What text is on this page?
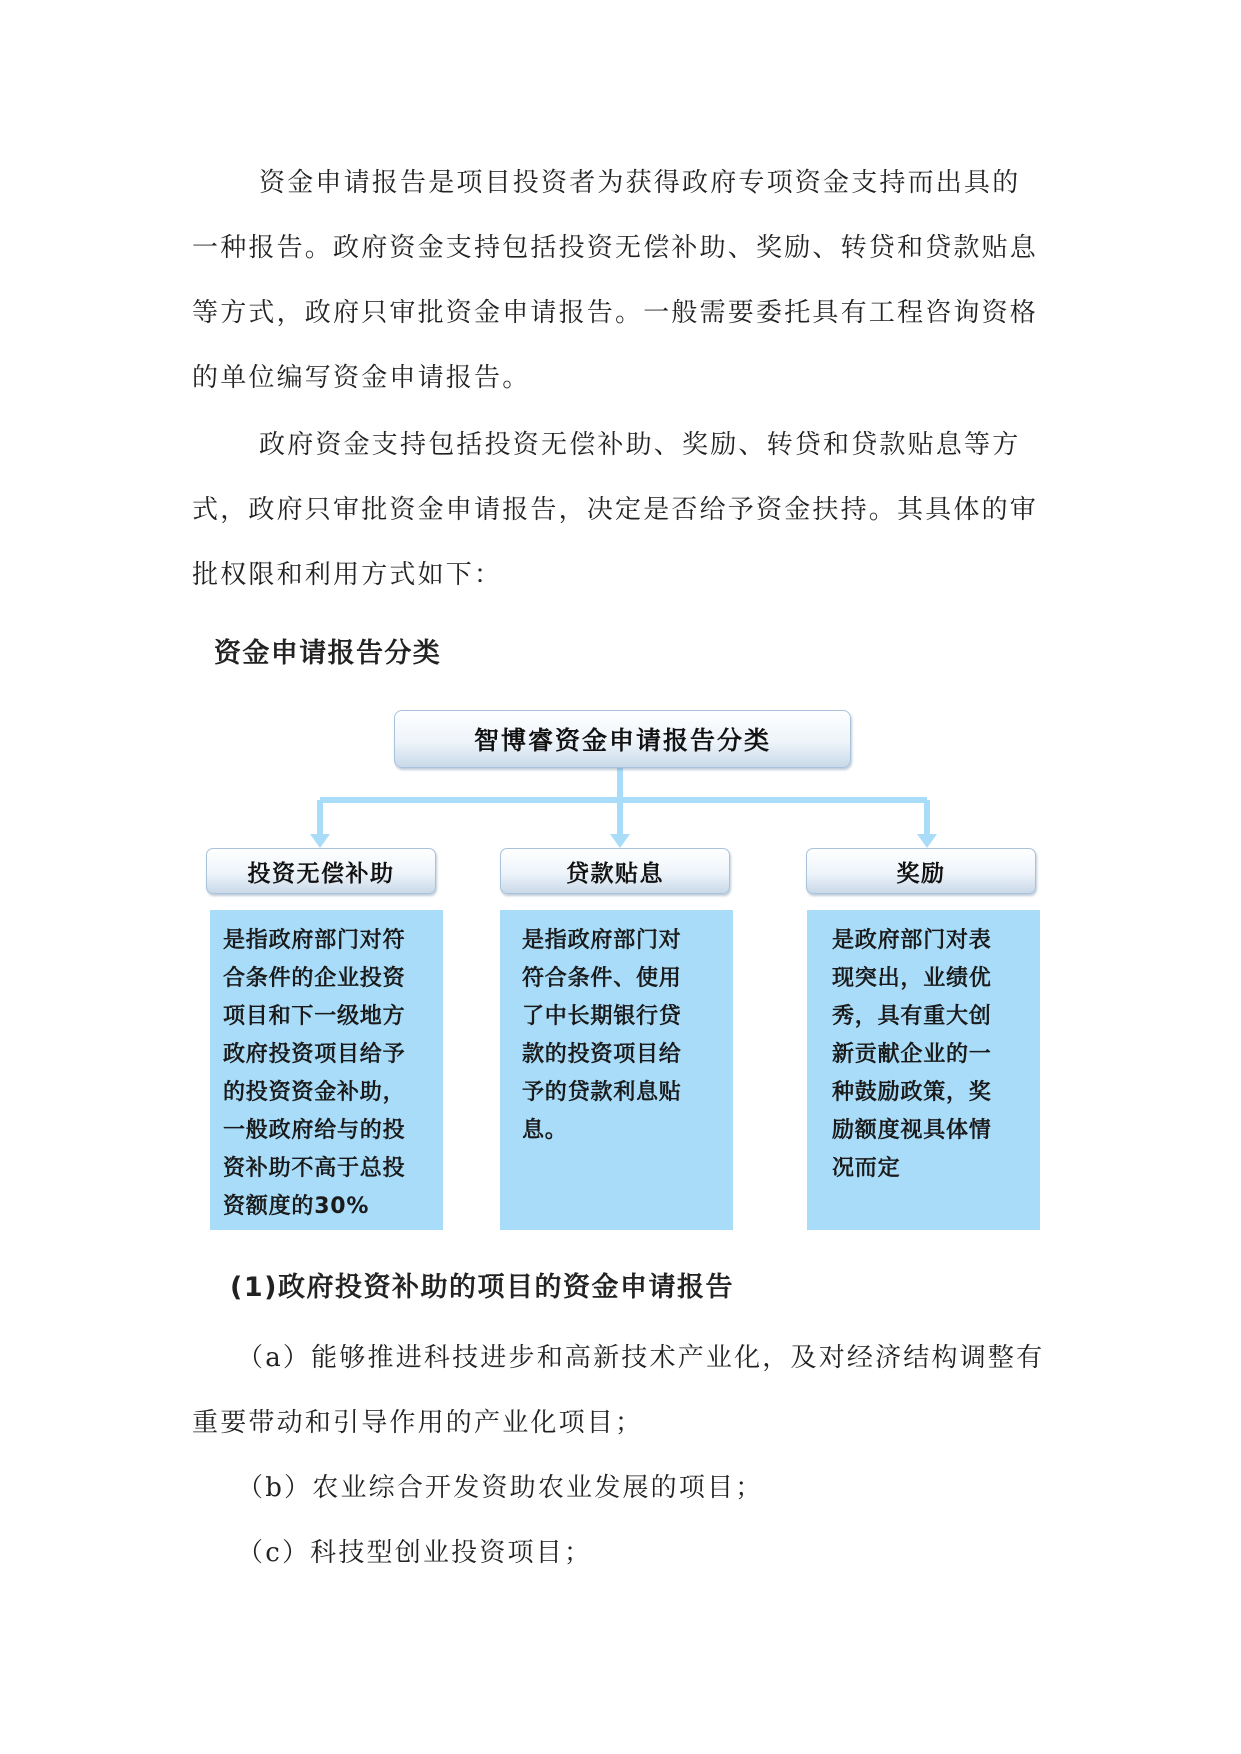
资金申请报告是项目投资者为获得政府专项资金支持而出具的
一种报告。政府资金支持包括投资无偿补助、奖励、转贷和贷款贴息
等方式，政府只审批资金申请报告。一般需要委托具有工程咨询资格
的单位编写资金申请报告。
政府资金支持包括投资无偿补助、奖励、转贷和贷款贴息等方
式，政府只审批资金申请报告，决定是否给予资金扶持。其具体的审
批权限和利用方式如下：
资金申请报告分类
智博睿资金申请报告分类
投资无偿补助	贷款贴息	奖励
是指政府部门对符
合条件的企业投资
项目和下一级地方
政府投资项目给予
的投资资金补助，
一般政府给与的投
资补助不高于总投
资额度的30%
是指政府部门对
符合条件、使用
了中长期银行贷
款的投资项目给
予的贷款利息贴
息。
是政府部门对表
现突出，业绩优
秀，具有重大创
新贡献企业的一
种鼓励政策，奖
励额度视具体情
况而定
(1)政府投资补助的项目的资金申请报告
（a）能够推进科技进步和高新技术产业化，及对经济结构调整有
重要带动和引导作用的产业化项目；
（b）农业综合开发资助农业发展的项目；
（c）科技型创业投资项目；
